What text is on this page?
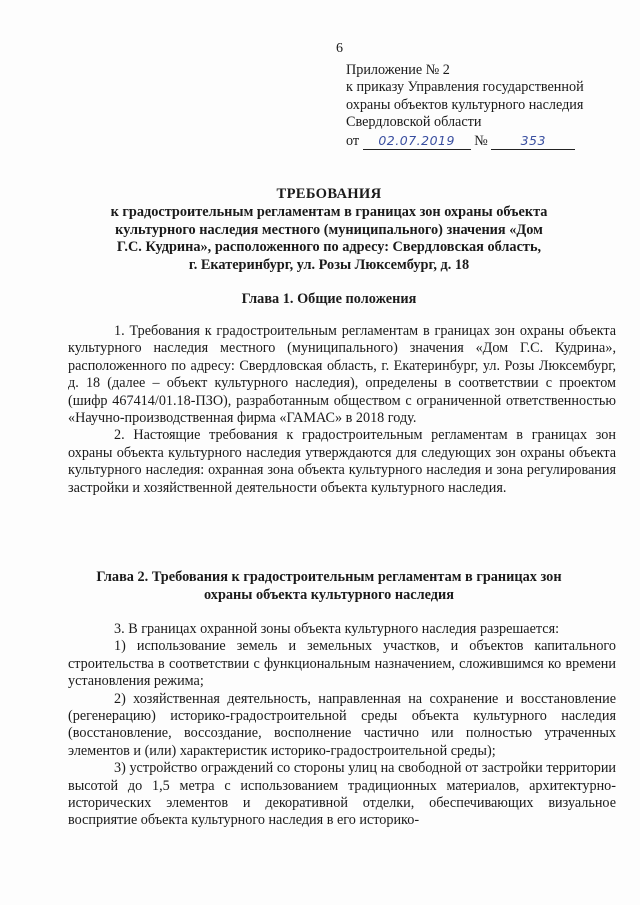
6
Приложение № 2
к приказу Управления государственной
охраны объектов культурного наследия
Свердловской области
от 02.07.2019 №	353
ТРЕБОВАНИЯ
к градостроительным регламентам в границах зон охраны объекта
культурного наследия местного (муниципального) значения «Дом
Г.С. Кудрина», расположенного по адресу: Свердловская область,
г. Екатеринбург, ул. Розы Люксембург, д. 18
Глава 1. Общие положения

1. Требования к градостроительным регламентам в границах зон охраны объекта культурного наследия местного (муниципального) значения «Дом Г.С. Кудрина», расположенного по адресу: Свердловская область, г. Екатеринбург, ул. Розы Люксембург, д. 18 (далее – объект культурного наследия), определены в соответствии с проектом (шифр 467414/01.18-ПЗО), разработанным обществом с ограниченной ответственностью «Научно-производственная фирма «ГАМАС» в 2018 году.

2. Настоящие требования к градостроительным регламентам в границах зон охраны объекта культурного наследия утверждаются для следующих зон охраны объекта культурного наследия: охранная зона объекта культурного наследия и зона регулирования застройки и хозяйственной деятельности объекта культурного наследия.

Глава 2. Требования к градостроительным регламентам в границах зон
охраны объекта культурного наследия

3. В границах охранной зоны объекта культурного наследия разрешается:

1) использование земель и земельных участков, и объектов капитального строительства в соответствии с функциональным назначением, сложившимся ко времени установления режима;

2) хозяйственная деятельность, направленная на сохранение и восстановление (регенерацию) историко-градостроительной среды объекта культурного наследия (восстановление, воссоздание, восполнение частично или полностью утраченных элементов и (или) характеристик историко-градостроительной среды);

3) устройство ограждений со стороны улиц на свободной от застройки территории высотой до 1,5 метра с использованием традиционных материалов, архитектурно-исторических элементов и декоративной отделки, обеспечивающих визуальное восприятие объекта культурного наследия в его историко-
